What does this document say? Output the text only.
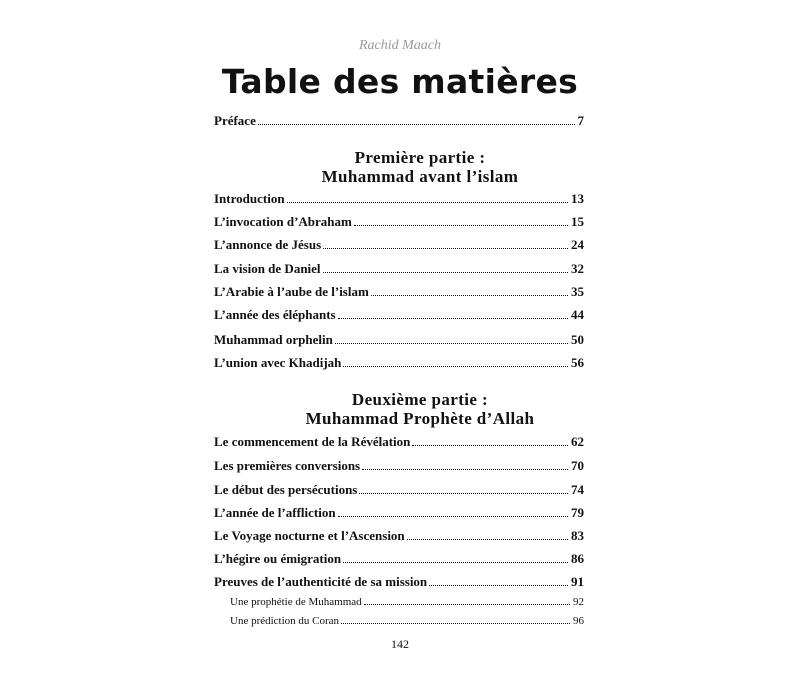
Rachid Maach
Table des matières
Préface	7
Première partie :
Muhammad avant l’islam
Introduction	13
L’invocation d’Abraham	15
L’annonce de Jésus	24
La vision de Daniel	32
L’Arabie à l’aube de l’islam	35
L’année des éléphants	44
Muhammad orphelin	50
L’union avec Khadijah	56
Deuxième partie :
Muhammad Prophète d’Allah
Le commencement de la Révélation	62
Les premières conversions	70
Le début des persécutions	74
L’année de l’affliction	79
Le Voyage nocturne et l’Ascension	83
L’hégire ou émigration	86
Preuves de l’authenticité de sa mission	91
Une prophétie de Muhammad	92
Une prédiction du Coran	96
142
